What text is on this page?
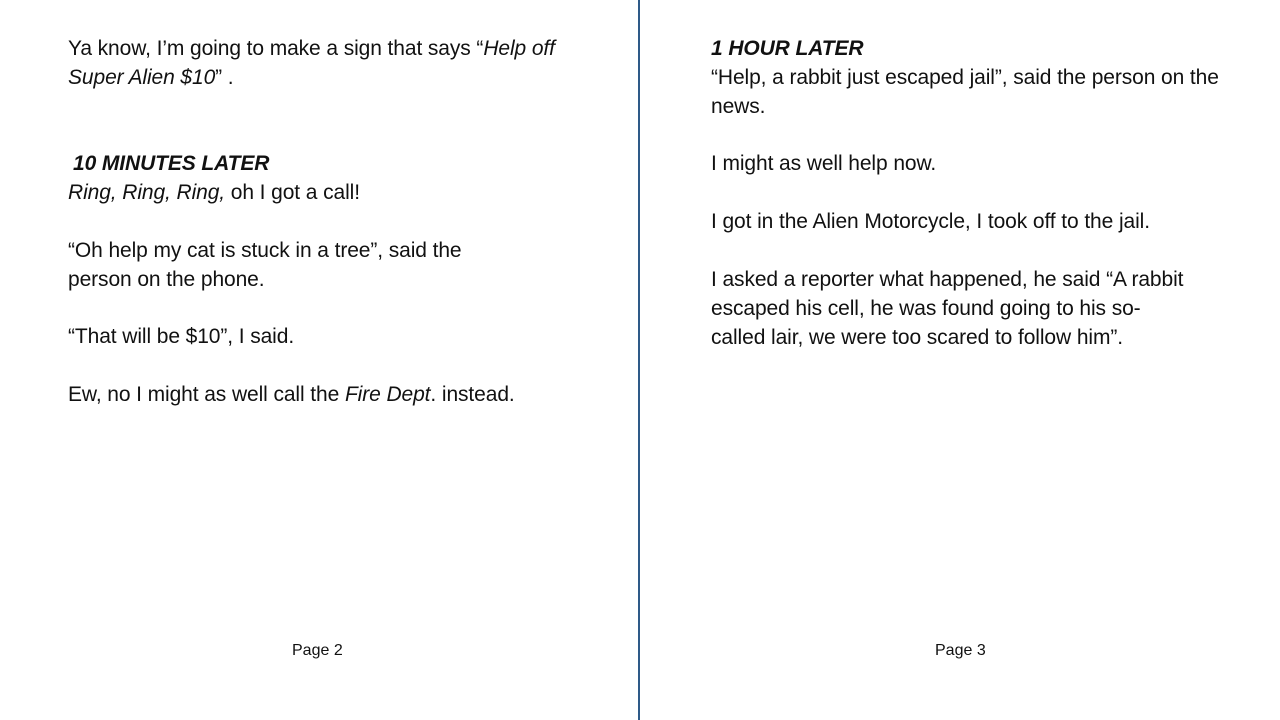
Ya know, I’m going to make a sign that says “Help off Super Alien $10” .

10 MINUTES LATER

Ring, Ring, Ring, oh I got a call!

“Oh help my cat is stuck in a tree”, said the person on the phone.

“That will be $10”, I said.

Ew, no I might as well call the Fire Dept. instead.

Page 2

1 HOUR LATER

“Help, a rabbit just escaped jail”, said the person on the news.

I might as well help now.

I got in the Alien Motorcycle, I took off to the jail.

I asked a reporter what happened, he said “A rabbit escaped his cell, he was found going to his so-called lair, we were too scared to follow him”.

Page 3
